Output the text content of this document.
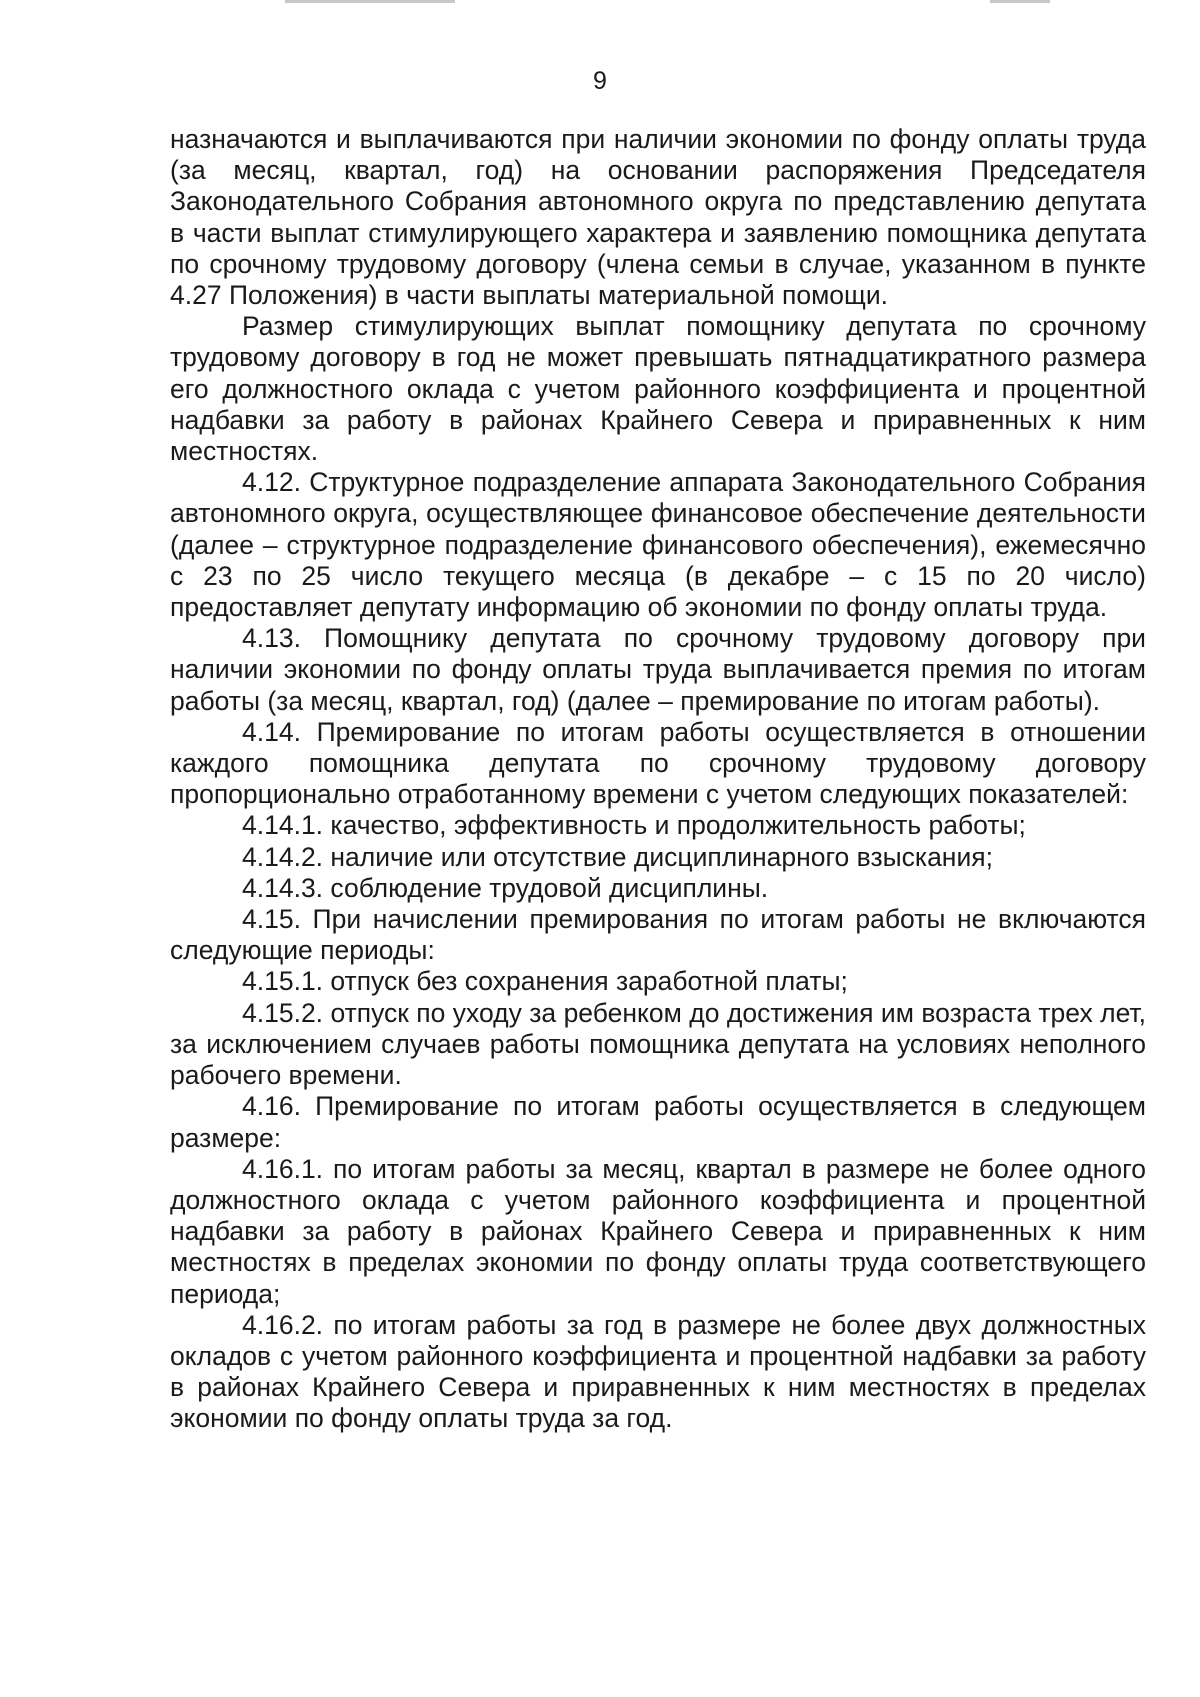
9

назначаются и выплачиваются при наличии экономии по фонду оплаты труда (за месяц, квартал, год) на основании распоряжения Председателя Законодательного Собрания автономного округа по представлению депутата в части выплат стимулирующего характера и заявлению помощника депутата по срочному трудовому договору (члена семьи в случае, указанном в пункте 4.27 Положения) в части выплаты материальной помощи.

Размер стимулирующих выплат помощнику депутата по срочному трудовому договору в год не может превышать пятнадцатикратного размера его должностного оклада с учетом районного коэффициента и процентной надбавки за работу в районах Крайнего Севера и приравненных к ним местностях.

4.12. Структурное подразделение аппарата Законодательного Собрания автономного округа, осуществляющее финансовое обеспечение деятельности (далее – структурное подразделение финансового обеспечения), ежемесячно с 23 по 25 число текущего месяца (в декабре – с 15 по 20 число) предоставляет депутату информацию об экономии по фонду оплаты труда.

4.13. Помощнику депутата по срочному трудовому договору при наличии экономии по фонду оплаты труда выплачивается премия по итогам работы (за месяц, квартал, год) (далее – премирование по итогам работы).

4.14. Премирование по итогам работы осуществляется в отношении каждого помощника депутата по срочному трудовому договору пропорционально отработанному времени с учетом следующих показателей:

4.14.1. качество, эффективность и продолжительность работы;

4.14.2. наличие или отсутствие дисциплинарного взыскания;

4.14.3. соблюдение трудовой дисциплины.

4.15. При начислении премирования по итогам работы не включаются следующие периоды:

4.15.1. отпуск без сохранения заработной платы;

4.15.2. отпуск по уходу за ребенком до достижения им возраста трех лет, за исключением случаев работы помощника депутата на условиях неполного рабочего времени.

4.16. Премирование по итогам работы осуществляется в следующем размере:

4.16.1. по итогам работы за месяц, квартал в размере не более одного должностного оклада с учетом районного коэффициента и процентной надбавки за работу в районах Крайнего Севера и приравненных к ним местностях в пределах экономии по фонду оплаты труда соответствующего периода;

4.16.2. по итогам работы за год в размере не более двух должностных окладов с учетом районного коэффициента и процентной надбавки за работу в районах Крайнего Севера и приравненных к ним местностях в пределах экономии по фонду оплаты труда за год.
